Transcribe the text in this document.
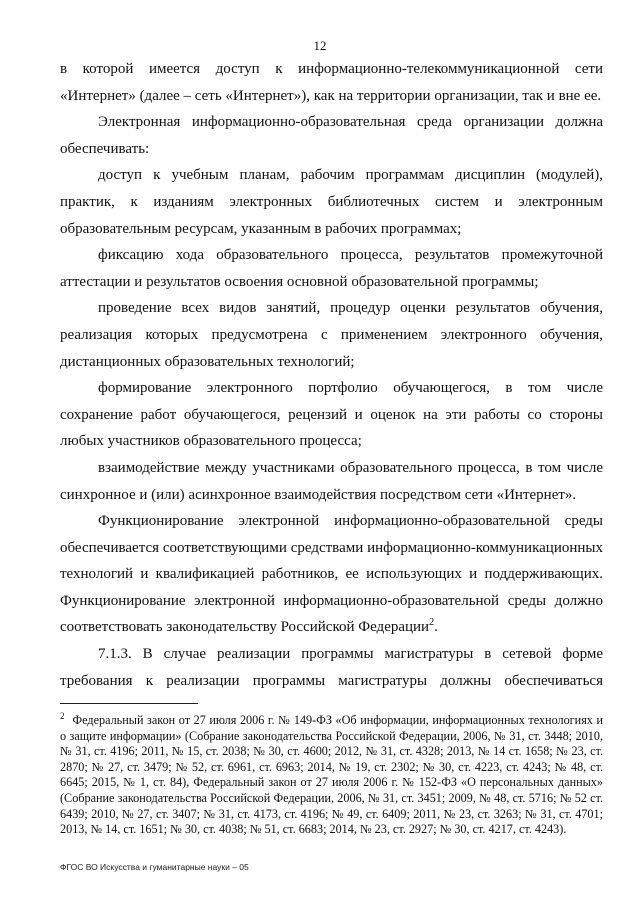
12

в которой имеется доступ к информационно-телекоммуникационной сети «Интернет» (далее – сеть «Интернет»), как на территории организации, так и вне ее.

Электронная информационно-образовательная среда организации должна обеспечивать:

доступ к учебным планам, рабочим программам дисциплин (модулей), практик, к изданиям электронных библиотечных систем и электронным образовательным ресурсам, указанным в рабочих программах;

фиксацию хода образовательного процесса, результатов промежуточной аттестации и результатов освоения основной образовательной программы;

проведение всех видов занятий, процедур оценки результатов обучения, реализация которых предусмотрена с применением электронного обучения, дистанционных образовательных технологий;

формирование электронного портфолио обучающегося, в том числе сохранение работ обучающегося, рецензий и оценок на эти работы со стороны любых участников образовательного процесса;

взаимодействие между участниками образовательного процесса, в том числе синхронное и (или) асинхронное взаимодействия посредством сети «Интернет».

Функционирование электронной информационно-образовательной среды обеспечивается соответствующими средствами информационно-коммуникационных технологий и квалификацией работников, ее использующих и поддерживающих. Функционирование электронной информационно-образовательной среды должно соответствовать законодательству Российской Федерации$^2$.

7.1.3. В случае реализации программы магистратуры в сетевой форме требования к реализации программы магистратуры должны обеспечиваться

$^2$ Федеральный закон от 27 июля 2006 г. № 149-ФЗ «Об информации, информационных технологиях и о защите информации» (Собрание законодательства Российской Федерации, 2006, № 31, ст. 3448; 2010, № 31, ст. 4196; 2011, № 15, ст. 2038; № 30, ст. 4600; 2012, № 31, ст. 4328; 2013, № 14 ст. 1658; № 23, ст. 2870; № 27, ст. 3479; № 52, ст. 6961, ст. 6963; 2014, № 19, ст. 2302; № 30, ст. 4223, ст. 4243; № 48, ст. 6645; 2015, № 1, ст. 84), Федеральный закон от 27 июля 2006 г. № 152-ФЗ «О персональных данных» (Собрание законодательства Российской Федерации, 2006, № 31, ст. 3451; 2009, № 48, ст. 5716; № 52 ст. 6439; 2010, № 27, ст. 3407; № 31, ст. 4173, ст. 4196; № 49, ст. 6409; 2011, № 23, ст. 3263; № 31, ст. 4701; 2013, № 14, ст. 1651; № 30, ст. 4038; № 51, ст. 6683; 2014, № 23, ст. 2927; № 30, ст. 4217, ст. 4243).
ФГОС ВО Искусства и гуманитарные науки – 05
